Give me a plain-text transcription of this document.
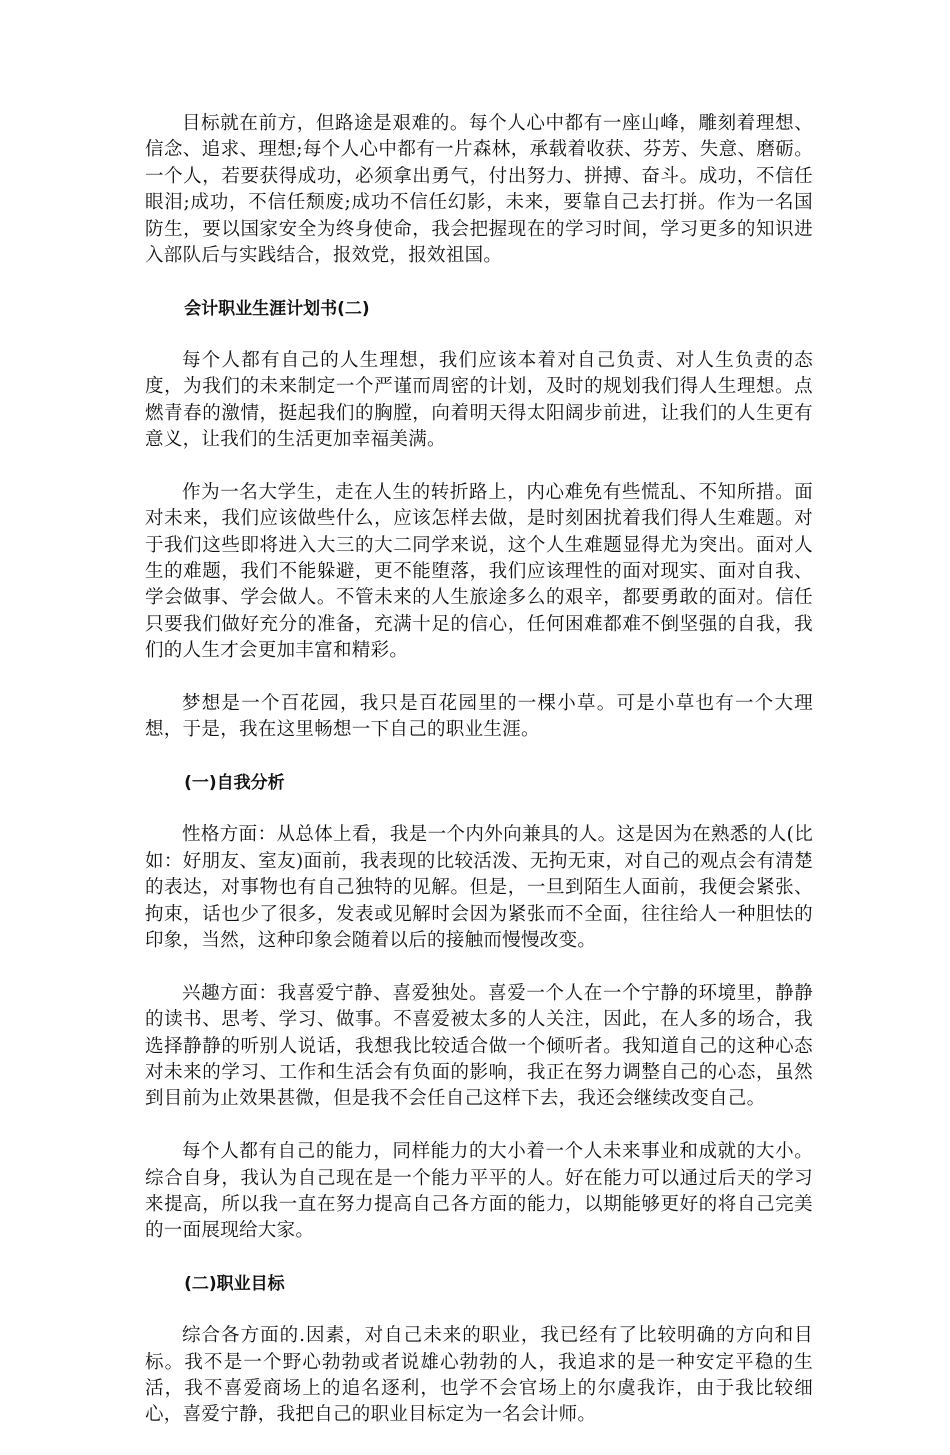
目标就在前方，但路途是艰难的。每个人心中都有一座山峰，雕刻着理想、信念、追求、理想;每个人心中都有一片森林，承载着收获、芬芳、失意、磨砺。一个人，若要获得成功，必须拿出勇气，付出努力、拼搏、奋斗。成功，不信任眼泪;成功，不信任颓废;成功不信任幻影，未来，要靠自己去打拼。作为一名国防生，要以国家安全为终身使命，我会把握现在的学习时间，学习更多的知识进入部队后与实践结合，报效党，报效祖国。

会计职业生涯计划书(二)

每个人都有自己的人生理想，我们应该本着对自己负责、对人生负责的态度，为我们的未来制定一个严谨而周密的计划，及时的规划我们得人生理想。点燃青春的激情，挺起我们的胸膛，向着明天得太阳阔步前进，让我们的人生更有意义，让我们的生活更加幸福美满。

作为一名大学生，走在人生的转折路上，内心难免有些慌乱、不知所措。面对未来，我们应该做些什么，应该怎样去做，是时刻困扰着我们得人生难题。对于我们这些即将进入大三的大二同学来说，这个人生难题显得尤为突出。面对人生的难题，我们不能躲避，更不能堕落，我们应该理性的面对现实、面对自我、学会做事、学会做人。不管未来的人生旅途多么的艰辛，都要勇敢的面对。信任只要我们做好充分的准备，充满十足的信心，任何困难都难不倒坚强的自我，我们的人生才会更加丰富和精彩。

梦想是一个百花园，我只是百花园里的一棵小草。可是小草也有一个大理想，于是，我在这里畅想一下自己的职业生涯。

(一)自我分析

性格方面：从总体上看，我是一个内外向兼具的人。这是因为在熟悉的人(比如：好朋友、室友)面前，我表现的比较活泼、无拘无束，对自己的观点会有清楚的表达，对事物也有自己独特的见解。但是，一旦到陌生人面前，我便会紧张、拘束，话也少了很多，发表或见解时会因为紧张而不全面，往往给人一种胆怯的印象，当然，这种印象会随着以后的接触而慢慢改变。

兴趣方面：我喜爱宁静、喜爱独处。喜爱一个人在一个宁静的环境里，静静的读书、思考、学习、做事。不喜爱被太多的人关注，因此，在人多的场合，我选择静静的听别人说话，我想我比较适合做一个倾听者。我知道自己的这种心态对未来的学习、工作和生活会有负面的影响，我正在努力调整自己的心态，虽然到目前为止效果甚微，但是我不会任自己这样下去，我还会继续改变自己。

每个人都有自己的能力，同样能力的大小着一个人未来事业和成就的大小。综合自身，我认为自己现在是一个能力平平的人。好在能力可以通过后天的学习来提高，所以我一直在努力提高自己各方面的能力，以期能够更好的将自己完美的一面展现给大家。

(二)职业目标

综合各方面的.因素，对自己未来的职业，我已经有了比较明确的方向和目标。我不是一个野心勃勃或者说雄心勃勃的人，我追求的是一种安定平稳的生活，我不喜爱商场上的追名逐利，也学不会官场上的尔虞我诈，由于我比较细心，喜爱宁静，我把自己的职业目标定为一名会计师。
